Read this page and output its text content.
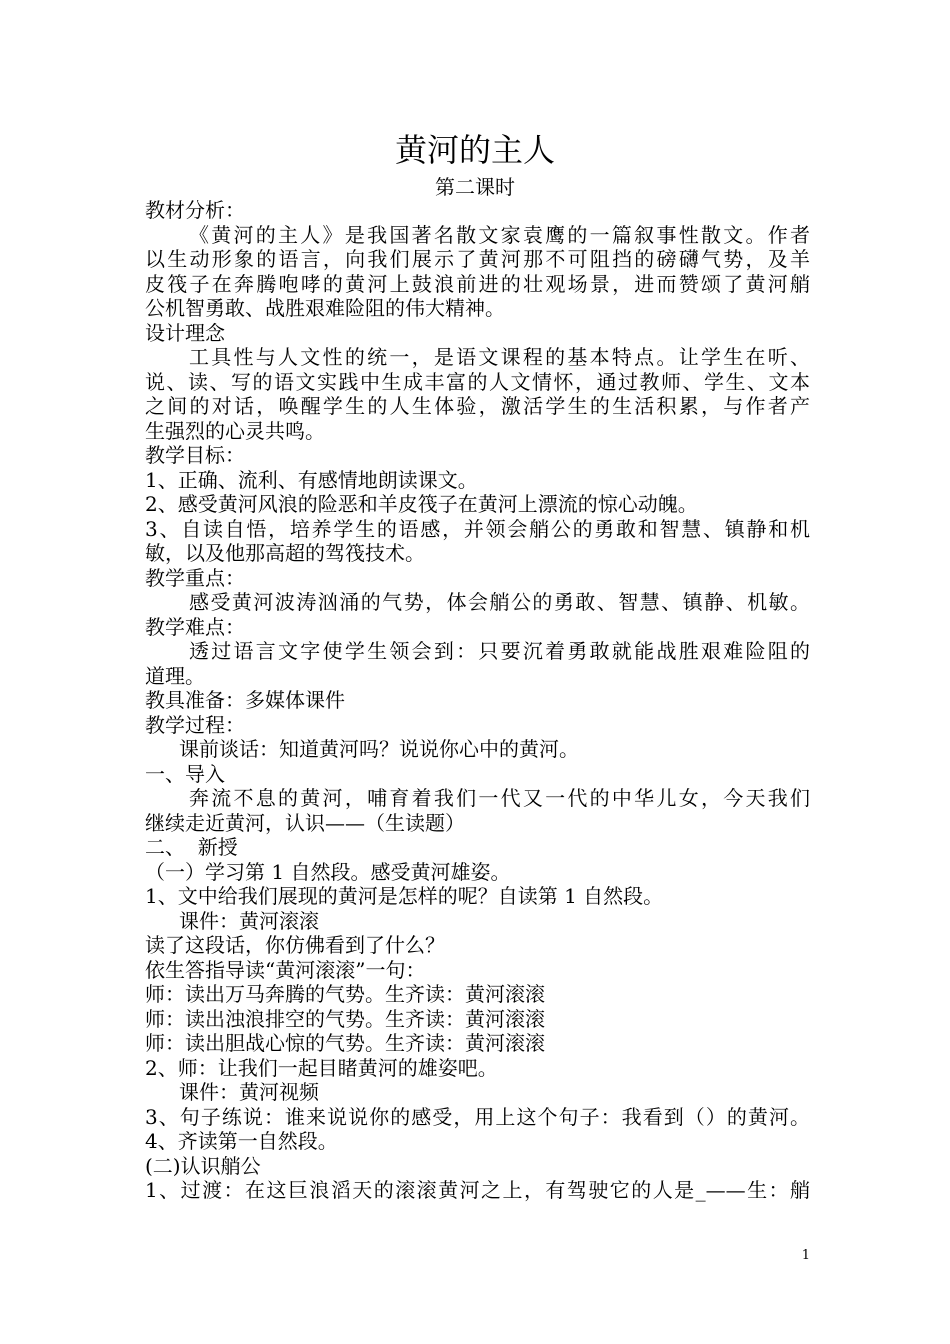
黄河的主人
第二课时
教材分析：
《黄河的主人》是我国著名散文家袁鹰的一篇叙事性散文。作者
以生动形象的语言，向我们展示了黄河那不可阻挡的磅礴气势，及羊
皮筏子在奔腾咆哮的黄河上鼓浪前进的壮观场景，进而赞颂了黄河艄
公机智勇敢、战胜艰难险阻的伟大精神。
设计理念
工具性与人文性的统一，是语文课程的基本特点。让学生在听、
说、读、写的语文实践中生成丰富的人文情怀，通过教师、学生、文本
之间的对话，唤醒学生的人生体验，激活学生的生活积累，与作者产
生强烈的心灵共鸣。
教学目标：
1、正确、流利、有感情地朗读课文。
2、感受黄河风浪的险恶和羊皮筏子在黄河上漂流的惊心动魄。
3、自读自悟，培养学生的语感，并领会艄公的勇敢和智慧、镇静和机
敏，以及他那高超的驾筏技术。
教学重点：
感受黄河波涛汹涌的气势，体会艄公的勇敢、智慧、镇静、机敏。
教学难点：
透过语言文字使学生领会到：只要沉着勇敢就能战胜艰难险阻的
道理。
教具准备：多媒体课件
教学过程：
课前谈话：知道黄河吗？说说你心中的黄河。
一、导入
奔流不息的黄河，哺育着我们一代又一代的中华儿女，今天我们
继续走近黄河，认识——（生读题）
二、  新授
（一）学习第 1 自然段。感受黄河雄姿。
1、文中给我们展现的黄河是怎样的呢？自读第 1 自然段。
课件：黄河滚滚
读了这段话，你仿佛看到了什么？
依生答指导读“黄河滚滚”一句：
师：读出万马奔腾的气势。生齐读：黄河滚滚
师：读出浊浪排空的气势。生齐读：黄河滚滚
师：读出胆战心惊的气势。生齐读：黄河滚滚
2、师：让我们一起目睹黄河的雄姿吧。
课件：黄河视频
3、句子练说：谁来说说你的感受，用上这个句子：我看到（）的黄河。
4、齐读第一自然段。
(二)认识艄公
1、过渡：在这巨浪滔天的滚滚黄河之上，有驾驶它的人是_——生：艄
1
